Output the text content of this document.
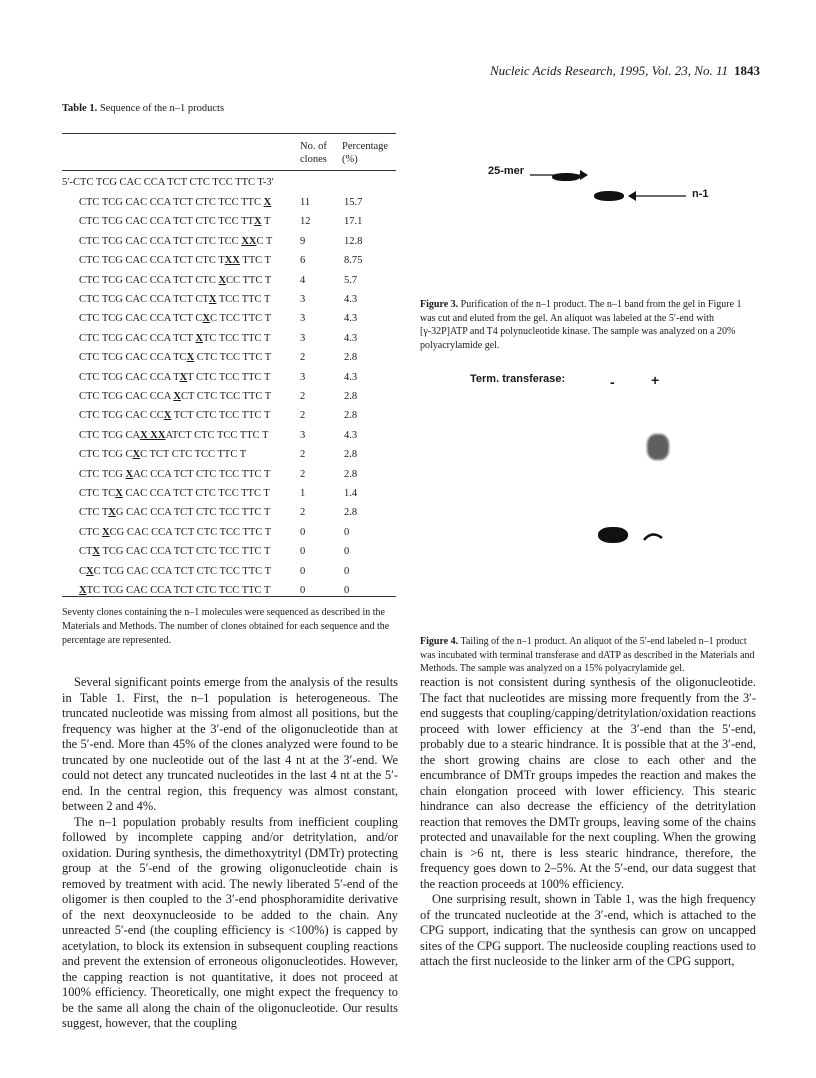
Nucleic Acids Research, 1995, Vol. 23, No. 11 1843
Table 1. Sequence of the n–1 products
No. of
clones
Percentage
(%)
5′-CTC TCG CAC CCA TCT CTC TCC TTC T-3′
CTC TCG CAC CCA TCT CTC TCC TTC X	11	15.7
CTC TCG CAC CCA TCT CTC TCC TTX T	12	17.1
CTC TCG CAC CCA TCT CTC TCC XXC T	9	12.8
CTC TCG CAC CCA TCT CTC TXX TTC T	6	8.75
CTC TCG CAC CCA TCT CTC XCC TTC T	4	5.7
CTC TCG CAC CCA TCT CTX TCC TTC T	3	4.3
CTC TCG CAC CCA TCT CXC TCC TTC T	3	4.3
CTC TCG CAC CCA TCT XTC TCC TTC T	3	4.3
CTC TCG CAC CCA TCX CTC TCC TTC T	2	2.8
CTC TCG CAC CCA TXT CTC TCC TTC T	3	4.3
CTC TCG CAC CCA XCT CTC TCC TTC T	2	2.8
CTC TCG CAC CCX TCT CTC TCC TTC T	2	2.8
CTC TCG CAX XXATCT CTC TCC TTC T	3	4.3
CTC TCG CXC TCT CTC TCC TTC T	2	2.8
CTC TCG XAC CCA TCT CTC TCC TTC T	2	2.8
CTC TCX CAC CCA TCT CTC TCC TTC T	1	1.4
CTC TXG CAC CCA TCT CTC TCC TTC T	2	2.8
CTC XCG CAC CCA TCT CTC TCC TTC T	0	0
CTX TCG CAC CCA TCT CTC TCC TTC T	0	0
CXC TCG CAC CCA TCT CTC TCC TTC T	0	0
XTC TCG CAC CCA TCT CTC TCC TTC T	0	0
Seventy clones containing the n–1 molecules were sequenced as described in the Materials and Methods. The number of clones obtained for each sequence and the percentage are represented.
25-mer
n-1
Figure 3. Purification of the n–1 product. The n–1 band from the gel in Figure 1 was cut and eluted from the gel. An aliquot was labeled at the 5′-end with [γ-32P]ATP and T4 polynucleotide kinase. The sample was analyzed on a 20% polyacrylamide gel.
Term. transferase:	-	+
Figure 4. Tailing of the n–1 product. An aliquot of the 5′-end labeled n–1 product was incubated with terminal transferase and dATP as described in the Materials and Methods. The sample was analyzed on a 15% polyacrylamide gel.

Several significant points emerge from the analysis of the results in Table 1. First, the n–1 population is heterogeneous. The truncated nucleotide was missing from almost all positions, but the frequency was higher at the 3′-end of the oligonucleotide than at the 5′-end. More than 45% of the clones analyzed were found to be truncated by one nucleotide out of the last 4 nt at the 3′-end. We could not detect any truncated nucleotides in the last 4 nt at the 5′-end. In the central region, this frequency was almost constant, between 2 and 4%.

The n–1 population probably results from inefficient coupling followed by incomplete capping and/or detritylation, and/or oxidation. During synthesis, the dimethoxytrityl (DMTr) protecting group at the 5′-end of the growing oligonucleotide chain is removed by treatment with acid. The newly liberated 5′-end of the oligomer is then coupled to the 3′-end phosphoramidite derivative of the next deoxynucleoside to be added to the chain. Any unreacted 5′-end (the coupling efficiency is <100%) is capped by acetylation, to block its extension in subsequent coupling reactions and prevent the extension of erroneous oligonucleotides. However, the capping reaction is not quantitative, it does not proceed at 100% efficiency. Theoretically, one might expect the frequency to be the same all along the chain of the oligonucleotide. Our results suggest, however, that the coupling

reaction is not consistent during synthesis of the oligonucleotide. The fact that nucleotides are missing more frequently from the 3′-end suggests that coupling/capping/detritylation/oxidation reactions proceed with lower efficiency at the 3′-end than the 5′-end, probably due to a stearic hindrance. It is possible that at the 3′-end, the short growing chains are close to each other and the encumbrance of DMTr groups impedes the reaction and makes the chain elongation proceed with lower efficiency. This stearic hindrance can also decrease the efficiency of the detritylation reaction that removes the DMTr groups, leaving some of the chains protected and unavailable for the next coupling. When the growing chain is >6 nt, there is less stearic hindrance, therefore, the frequency goes down to 2–5%. At the 5′-end, our data suggest that the reaction proceeds at 100% efficiency.

One surprising result, shown in Table 1, was the high frequency of the truncated nucleotide at the 3′-end, which is attached to the CPG support, indicating that the synthesis can grow on uncapped sites of the CPG support. The nucleoside coupling reactions used to attach the first nucleoside to the linker arm of the CPG support,
